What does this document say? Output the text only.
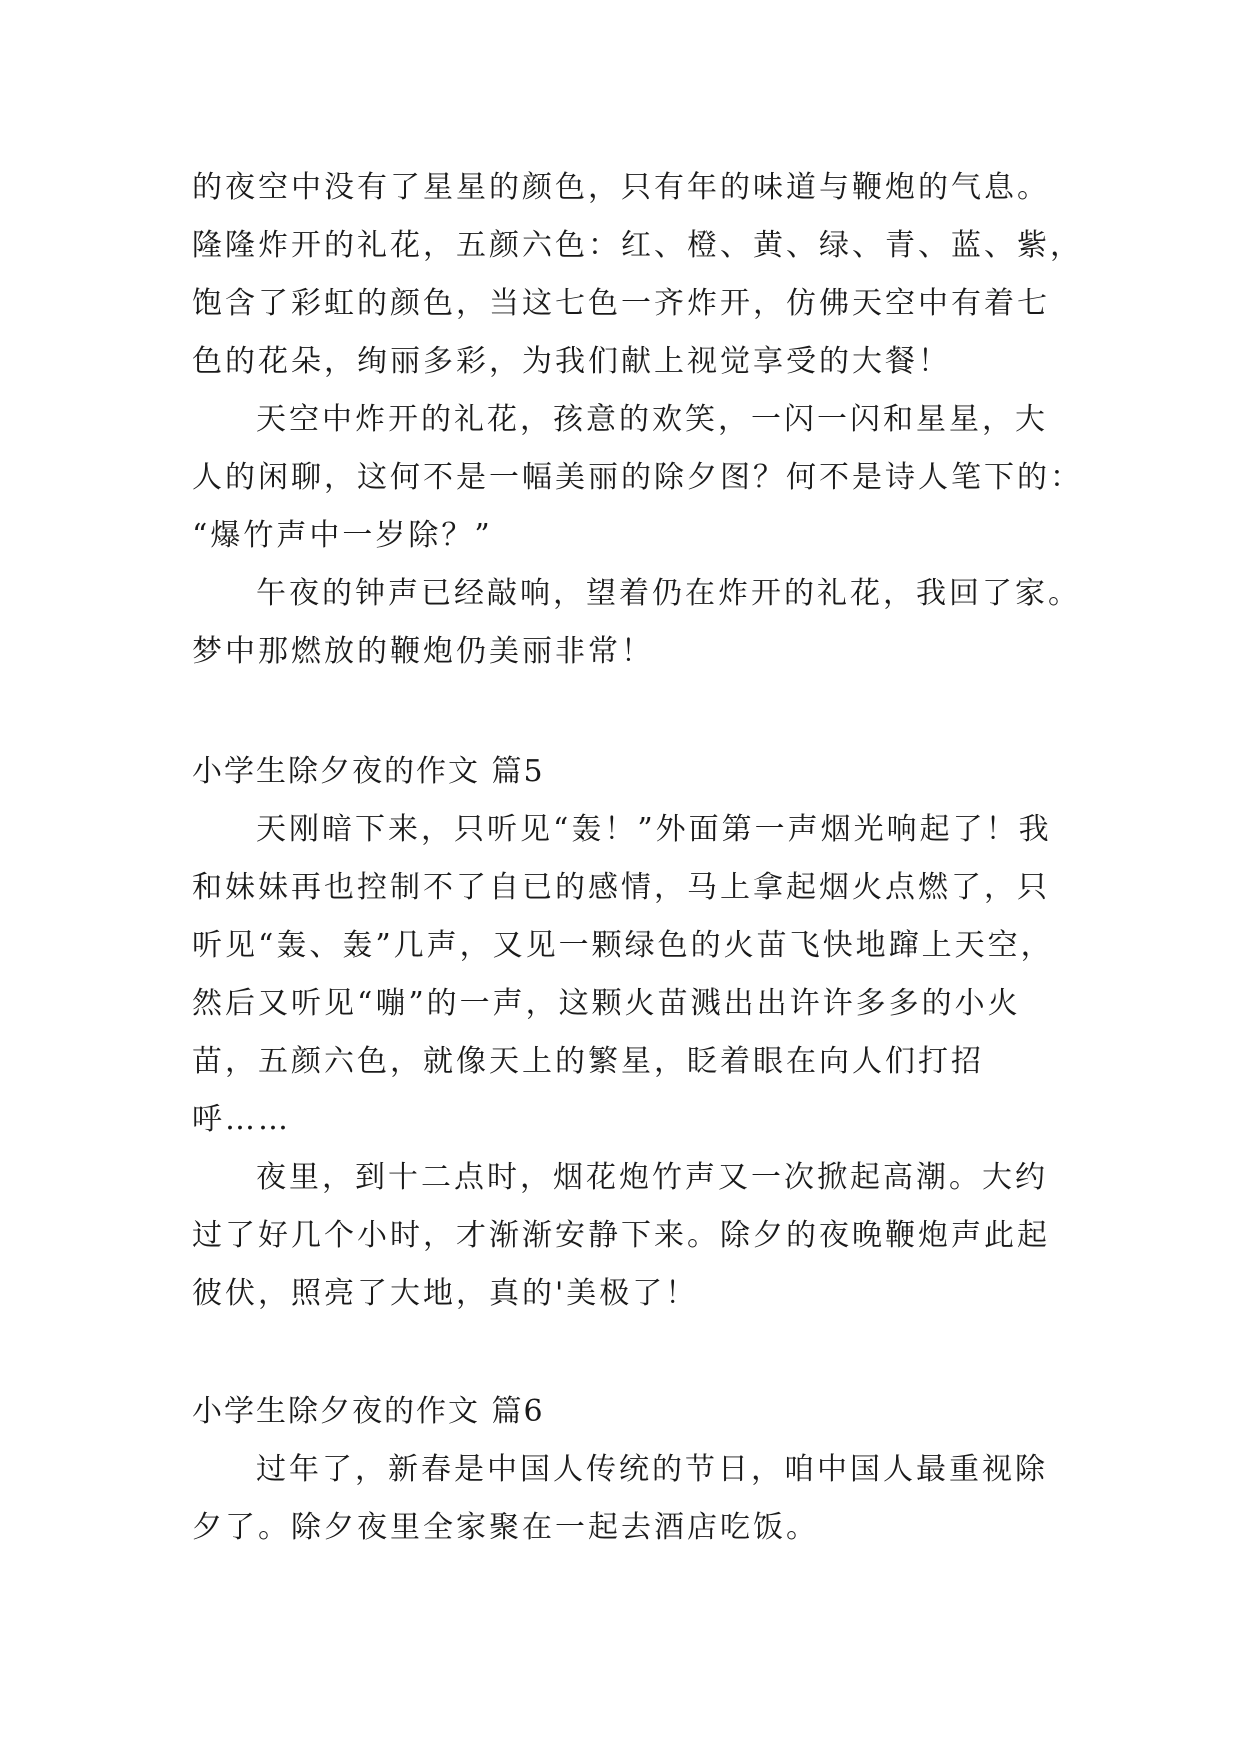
的夜空中没有了星星的颜色，只有年的味道与鞭炮的气息。
隆隆炸开的礼花，五颜六色：红、橙、黄、绿、青、蓝、紫，
饱含了彩虹的颜色，当这七色一齐炸开，仿佛天空中有着七
色的花朵，绚丽多彩，为我们献上视觉享受的大餐！
天空中炸开的礼花，孩意的欢笑，一闪一闪和星星，大
人的闲聊，这何不是一幅美丽的除夕图？何不是诗人笔下的：
“爆竹声中一岁除？”
午夜的钟声已经敲响，望着仍在炸开的礼花，我回了家。
梦中那燃放的鞭炮仍美丽非常！
小学生除夕夜的作文 篇5
天刚暗下来，只听见“轰！”外面第一声烟光响起了！我
和妹妹再也控制不了自已的感情，马上拿起烟火点燃了，只
听见“轰、轰”几声，又见一颗绿色的火苗飞快地蹿上天空，
然后又听见“嘣”的一声，这颗火苗溅出出许许多多的小火
苗，五颜六色，就像天上的繁星，眨着眼在向人们打招
呼……
夜里，到十二点时，烟花炮竹声又一次掀起高潮。大约
过了好几个小时，才渐渐安静下来。除夕的夜晚鞭炮声此起
彼伏，照亮了大地，真的'美极了！
小学生除夕夜的作文 篇6
过年了，新春是中国人传统的节日，咱中国人最重视除
夕了。除夕夜里全家聚在一起去酒店吃饭。
